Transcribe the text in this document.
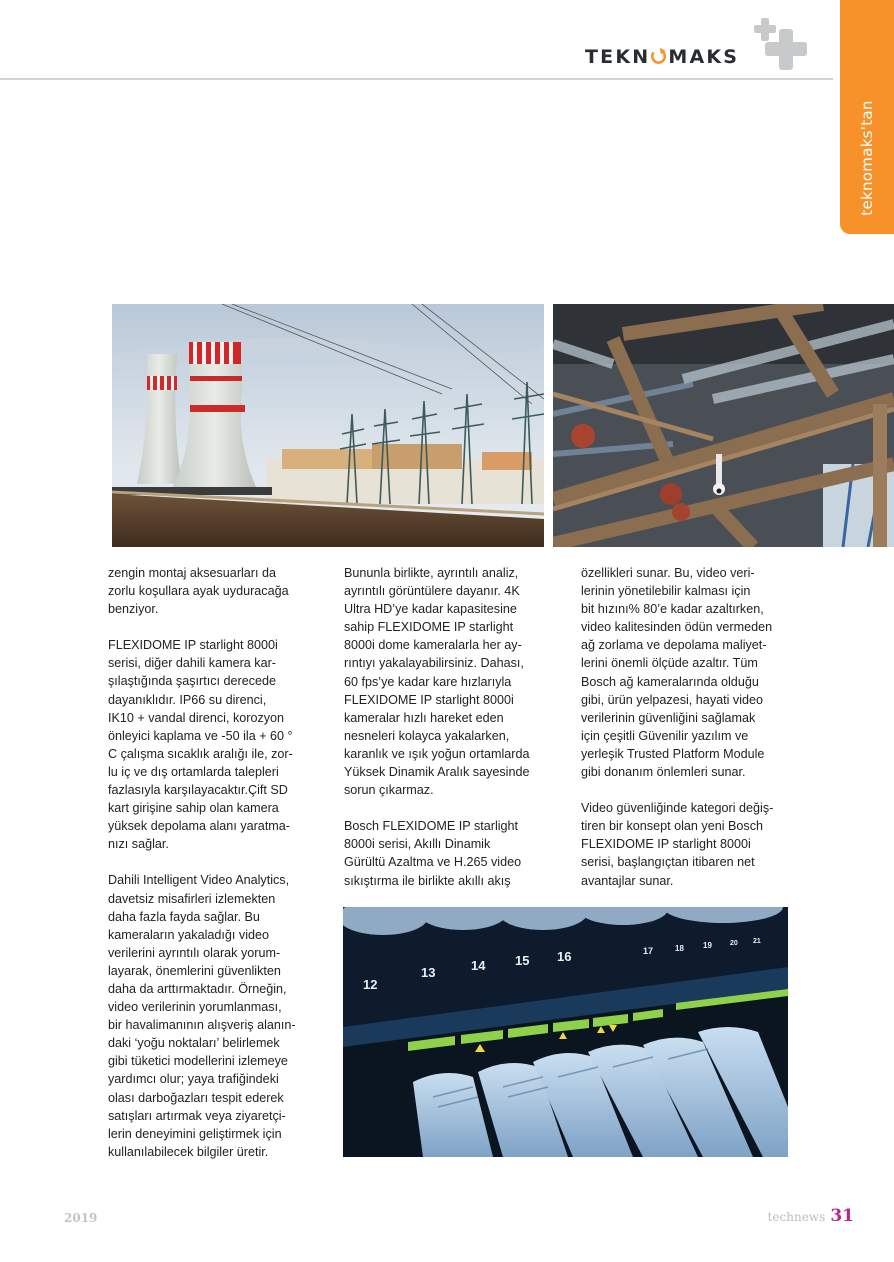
TEKN MAKS
teknomaks'tan
12
13	14 15 16	17	18 19	20 21

zengin montaj aksesuarları da
zorlu koşullara ayak uyduracağa
benziyor.

FLEXIDOME IP starlight 8000i
serisi, diğer dahili kamera kar-
şılaştığında şaşırtıcı derecede
dayanıklıdır. IP66 su direnci,
IK10 + vandal direnci, korozyon
önleyici kaplama ve -50 ila + 60 °
C çalışma sıcaklık aralığı ile, zor-
lu iç ve dış ortamlarda talepleri
fazlasıyla karşılayacaktır.Çift SD
kart girişine sahip olan kamera
yüksek depolama alanı yaratma-
nızı sağlar.

Dahili Intelligent Video Analytics,
davetsiz misafirleri izlemekten
daha fazla fayda sağlar. Bu
kameraların yakaladığı video
verilerini ayrıntılı olarak yorum-
layarak, önemlerini güvenlikten
daha da arttırmaktadır. Örneğin,
video verilerinin yorumlanması,
bir havalimanının alışveriş alanın-
daki ‘yoğu noktaları’ belirlemek
gibi tüketici modellerini izlemeye
yardımcı olur; yaya trafiğindeki
olası darboğazları tespit ederek
satışları artırmak veya ziyaretçi-
lerin deneyimini geliştirmek için
kullanılabilecek bilgiler üretir.

Bununla birlikte, ayrıntılı analiz,
ayrıntılı görüntülere dayanır. 4K
Ultra HD’ye kadar kapasitesine
sahip FLEXIDOME IP starlight
8000i dome kameralarla her ay-
rıntıyı yakalayabilirsiniz. Dahası,
60 fps’ye kadar kare hızlarıyla
FLEXIDOME IP starlight 8000i
kameralar hızlı hareket eden
nesneleri kolayca yakalarken,
karanlık ve ışık yoğun ortamlarda
Yüksek Dinamik Aralık sayesinde
sorun çıkarmaz.

Bosch FLEXIDOME IP starlight
8000i serisi, Akıllı Dinamik
Gürültü Azaltma ve H.265 video
sıkıştırma ile birlikte akıllı akış

özellikleri sunar. Bu, video veri-
lerinin yönetilebilir kalması için
bit hızını% 80’e kadar azaltırken,
video kalitesinden ödün vermeden
ağ zorlama ve depolama maliyet-
lerini önemli ölçüde azaltır. Tüm
Bosch ağ kameralarında olduğu
gibi, ürün yelpazesi, hayati video
verilerinin güvenliğini sağlamak
için çeşitli Güvenilir yazılım ve
yerleşik Trusted Platform Module
gibi donanım önlemleri sunar.

Video güvenliğinde kategori değiş-
tiren bir konsept olan yeni Bosch
FLEXIDOME IP starlight 8000i
serisi, başlangıçtan itibaren net
avantajlar sunar.

2019	technews 31
